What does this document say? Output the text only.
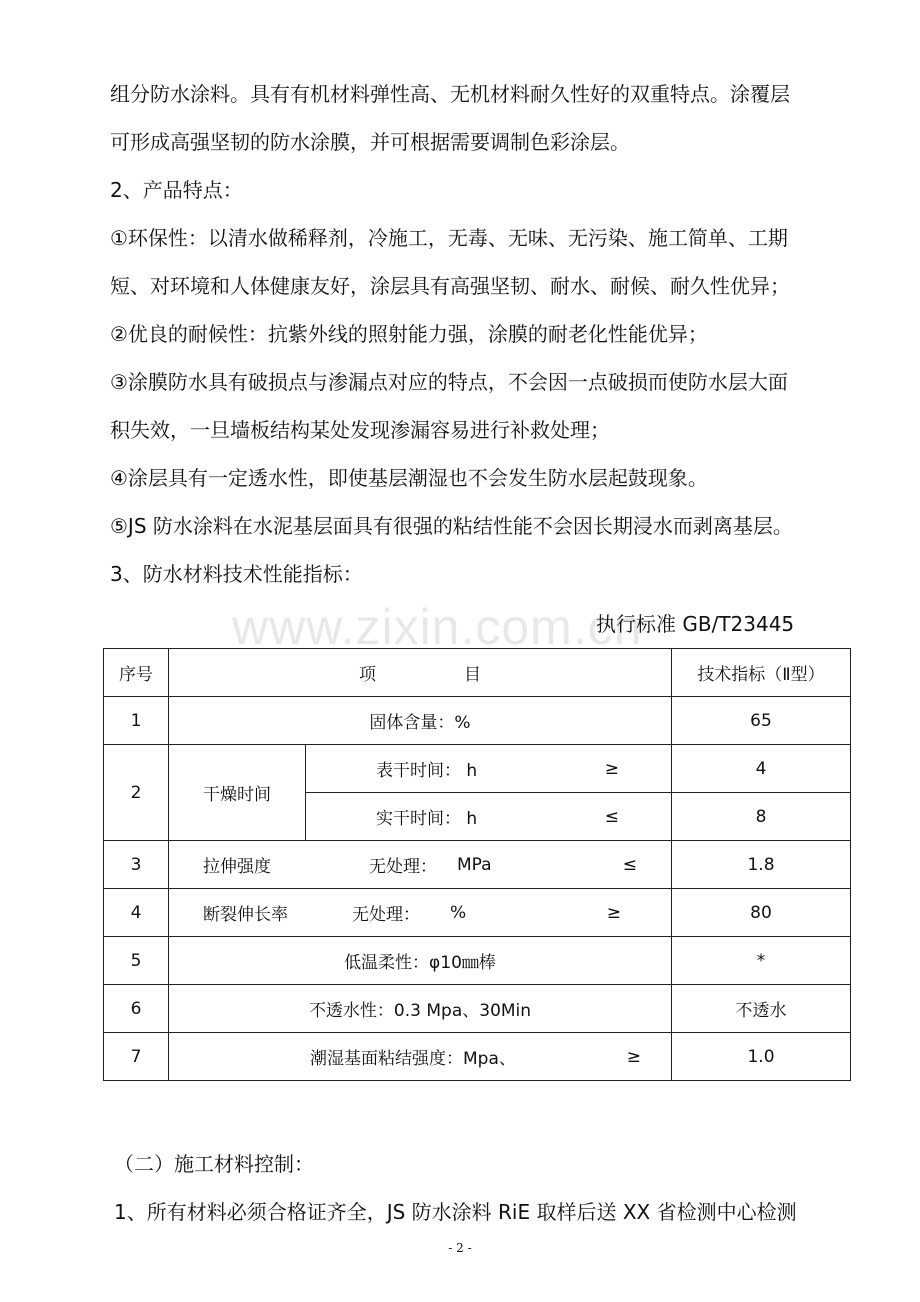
组分防水涂料。具有有机材料弹性高、无机材料耐久性好的双重特点。涂覆层
可形成高强坚韧的防水涂膜，并可根据需要调制色彩涂层。
2、产品特点：
①环保性：以清水做稀释剂，冷施工，无毒、无味、无污染、施工简单、工期
短、对环境和人体健康友好，涂层具有高强坚韧、耐水、耐候、耐久性优异；
②优良的耐候性：抗紫外线的照射能力强，涂膜的耐老化性能优异；
③涂膜防水具有破损点与渗漏点对应的特点，不会因一点破损而使防水层大面
积失效，一旦墙板结构某处发现渗漏容易进行补救处理；
④涂层具有一定透水性，即使基层潮湿也不会发生防水层起鼓现象。
⑤JS 防水涂料在水泥基层面具有很强的粘结性能不会因长期浸水而剥离基层。
3、防水材料技术性能指标：
www.zixin.com.cn
执行标准 GB/T23445
序号	项 目		技术指标（Ⅱ型）
1	固体含量：%		65
2	干燥时间	表干时间： h ≥	4

		实干时间： h ≤	8
3	拉伸强度 无处理： MPa ≤		1.8
4	断裂伸长率 无处理： % ≥		80
5	低温柔性：φ10㎜棒		*
6	不透水性：0.3 Mpa、30Min		不透水
7	潮湿基面粘结强度：Mpa、 ≥		1.0
（二）施工材料控制：
1、所有材料必须合格证齐全，JS 防水涂料 RiE 取样后送 XX 省检测中心检测
- 2 -
